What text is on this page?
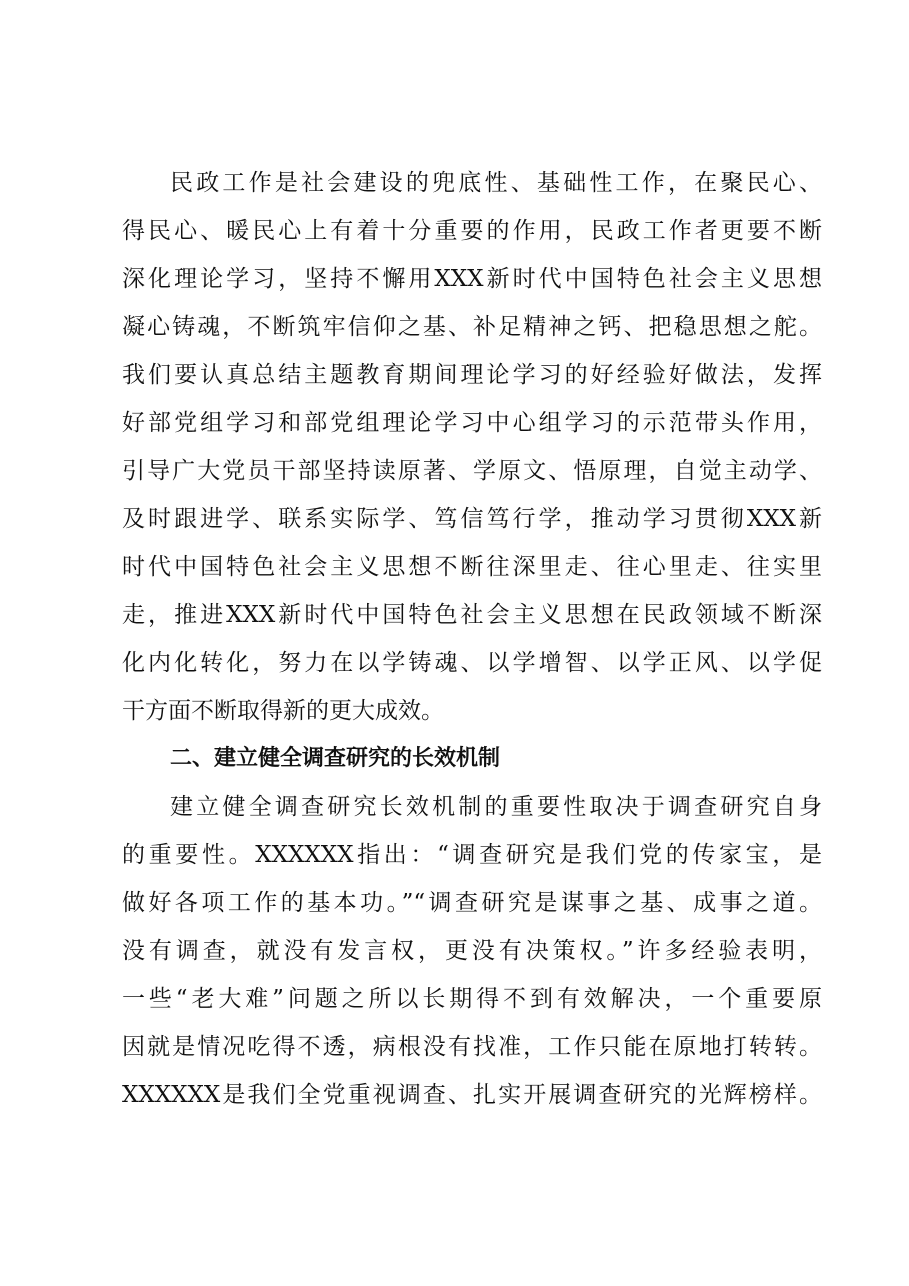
民政工作是社会建设的兜底性、基础性工作，在聚民心、
得民心、暖民心上有着十分重要的作用，民政工作者更要不断
深化理论学习，坚持不懈用XXX新时代中国特色社会主义思想
凝心铸魂，不断筑牢信仰之基、补足精神之钙、把稳思想之舵。
我们要认真总结主题教育期间理论学习的好经验好做法，发挥
好部党组学习和部党组理论学习中心组学习的示范带头作用，
引导广大党员干部坚持读原著、学原文、悟原理，自觉主动学、
及时跟进学、联系实际学、笃信笃行学，推动学习贯彻XXX新
时代中国特色社会主义思想不断往深里走、往心里走、往实里
走，推进XXX新时代中国特色社会主义思想在民政领域不断深
化内化转化，努力在以学铸魂、以学增智、以学正风、以学促
干方面不断取得新的更大成效。
二、建立健全调查研究的长效机制
建立健全调查研究长效机制的重要性取决于调查研究自身
的重要性。XXXXXX指出：“调查研究是我们党的传家宝，是
做好各项工作的基本功。”“调查研究是谋事之基、成事之道。
没有调查，就没有发言权，更没有决策权。”许多经验表明，
一些“老大难”问题之所以长期得不到有效解决，一个重要原
因就是情况吃得不透，病根没有找准，工作只能在原地打转转。
XXXXXX是我们全党重视调查、扎实开展调查研究的光辉榜样。
